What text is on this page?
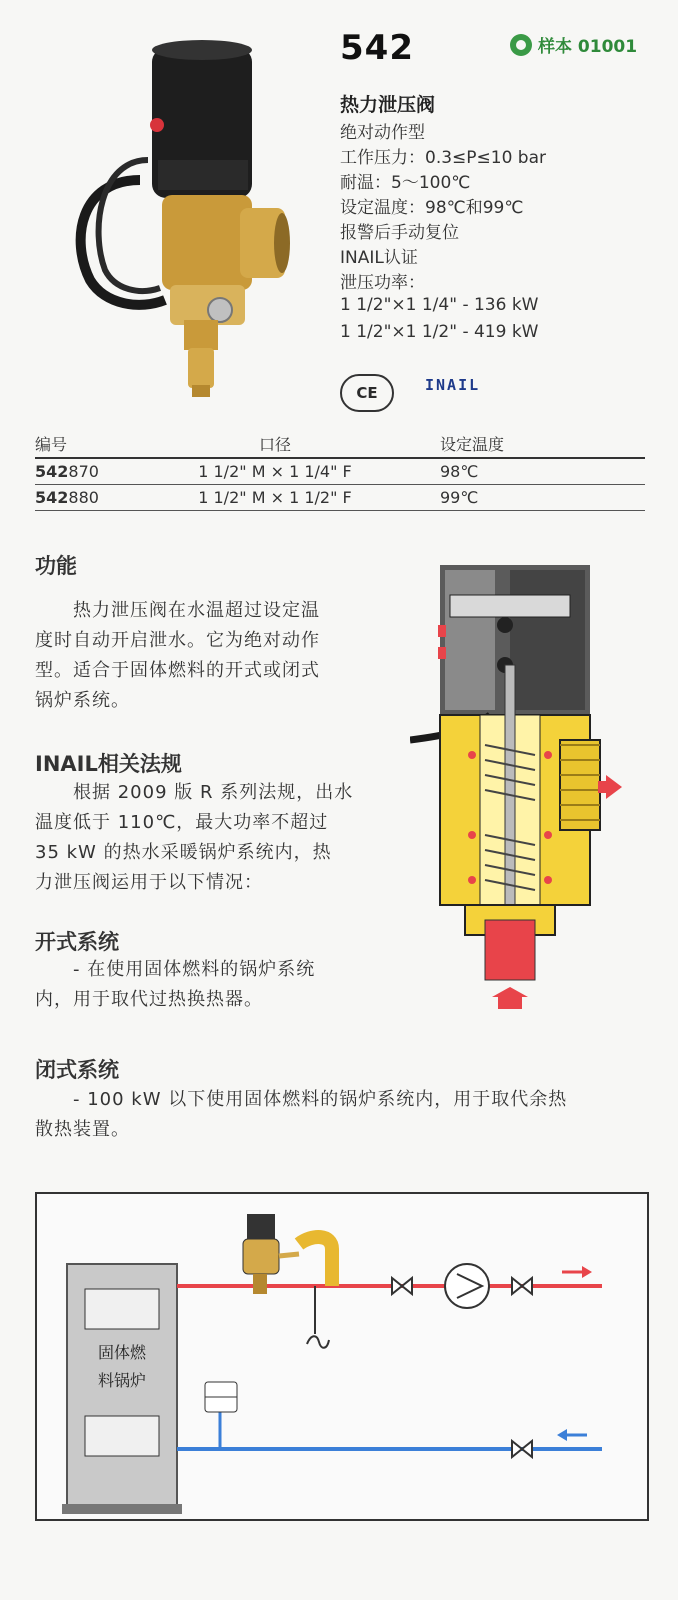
542	样本 01001
热力泄压阀
绝对动作型
工作压力：0.3≤P≤10 bar
耐温：5～100℃
设定温度：98℃和99℃
报警后手动复位
INAIL认证
泄压功率：
1 1/2"×1 1/4" - 136 kW
1 1/2"×1 1/2" - 419 kW
CE	INAIL
编号	口径	设定温度
542870	1 1/2" M × 1 1/4" F	98℃
542880	1 1/2" M × 1 1/2" F	99℃
功能
　　热力泄压阀在水温超过设定温
度时自动开启泄水。它为绝对动作
型。适合于固体燃料的开式或闭式
锅炉系统。
INAIL相关法规
　　根据 2009 版 R 系列法规，出水
温度低于 110℃，最大功率不超过
35 kW 的热水采暖锅炉系统内，热
力泄压阀运用于以下情况：
开式系统
　　- 在使用固体燃料的锅炉系统
内，用于取代过热换热器。
闭式系统
　　- 100 kW 以下使用固体燃料的锅炉系统内，用于取代余热
散热装置。
固体燃
料锅炉
